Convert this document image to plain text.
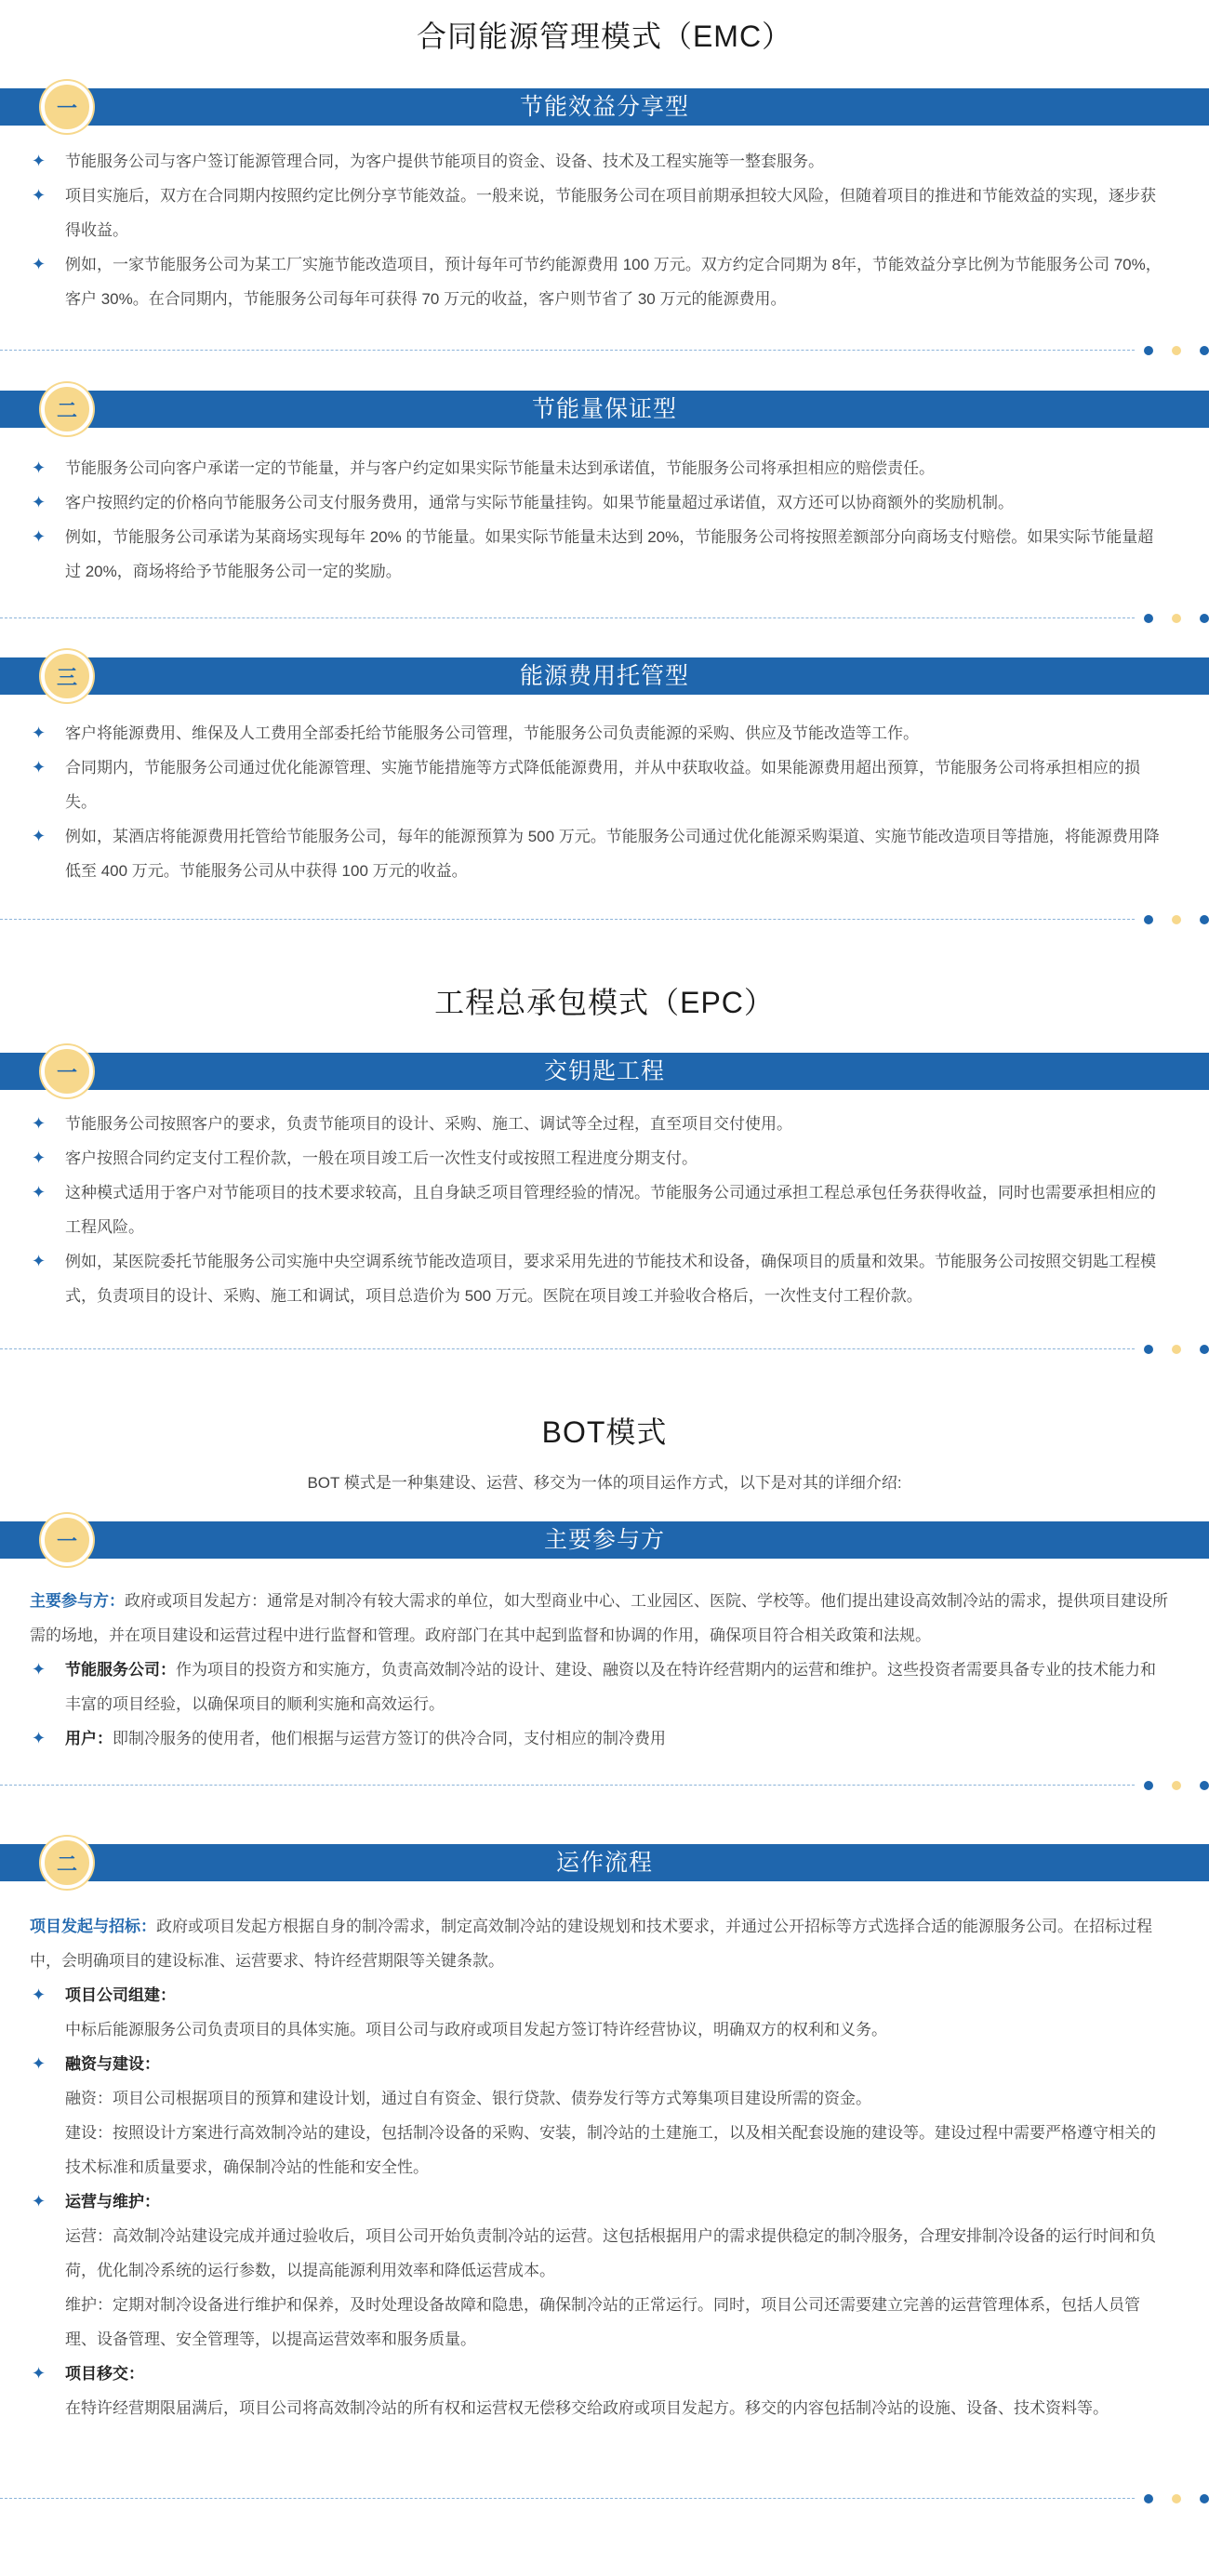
合同能源管理模式（EMC）
一	节能效益分享型
✦	节能服务公司与客户签订能源管理合同，为客户提供节能项目的资金、设备、技术及工程实施等一整套服务。
✦	项目实施后，双方在合同期内按照约定比例分享节能效益。一般来说，节能服务公司在项目前期承担较大风险，但随着项目的推进和节能效益的实现，逐步获得收益。
✦	例如，一家节能服务公司为某工厂实施节能改造项目，预计每年可节约能源费用 100 万元。双方约定合同期为 8年，节能效益分享比例为节能服务公司 70%，客户 30%。在合同期内，节能服务公司每年可获得 70 万元的收益，客户则节省了 30 万元的能源费用。
二	节能量保证型
✦	节能服务公司向客户承诺一定的节能量，并与客户约定如果实际节能量未达到承诺值，节能服务公司将承担相应的赔偿责任。
✦	客户按照约定的价格向节能服务公司支付服务费用，通常与实际节能量挂钩。如果节能量超过承诺值，双方还可以协商额外的奖励机制。
✦	例如，节能服务公司承诺为某商场实现每年 20% 的节能量。如果实际节能量未达到 20%，节能服务公司将按照差额部分向商场支付赔偿。如果实际节能量超过 20%，商场将给予节能服务公司一定的奖励。
三	能源费用托管型
✦	客户将能源费用、维保及人工费用全部委托给节能服务公司管理，节能服务公司负责能源的采购、供应及节能改造等工作。
✦	合同期内，节能服务公司通过优化能源管理、实施节能措施等方式降低能源费用，并从中获取收益。如果能源费用超出预算，节能服务公司将承担相应的损失。
✦	例如，某酒店将能源费用托管给节能服务公司，每年的能源预算为 500 万元。节能服务公司通过优化能源采购渠道、实施节能改造项目等措施，将能源费用降低至 400 万元。节能服务公司从中获得 100 万元的收益。
工程总承包模式（EPC）
一	交钥匙工程
✦	节能服务公司按照客户的要求，负责节能项目的设计、采购、施工、调试等全过程，直至项目交付使用。
✦	客户按照合同约定支付工程价款，一般在项目竣工后一次性支付或按照工程进度分期支付。
✦	这种模式适用于客户对节能项目的技术要求较高，且自身缺乏项目管理经验的情况。节能服务公司通过承担工程总承包任务获得收益，同时也需要承担相应的工程风险。
✦	例如，某医院委托节能服务公司实施中央空调系统节能改造项目，要求采用先进的节能技术和设备，确保项目的质量和效果。节能服务公司按照交钥匙工程模式，负责项目的设计、采购、施工和调试，项目总造价为 500 万元。医院在项目竣工并验收合格后，一次性支付工程价款。
BOT模式
BOT 模式是一种集建设、运营、移交为一体的项目运作方式，以下是对其的详细介绍:
一	主要参与方
主要参与方：政府或项目发起方：通常是对制冷有较大需求的单位，如大型商业中心、工业园区、医院、学校等。他们提出建设高效制冷站的需求，提供项目建设所需的场地，并在项目建设和运营过程中进行监督和管理。政府部门在其中起到监督和协调的作用，确保项目符合相关政策和法规。
✦	节能服务公司：作为项目的投资方和实施方，负责高效制冷站的设计、建设、融资以及在特许经营期内的运营和维护。这些投资者需要具备专业的技术能力和丰富的项目经验，以确保项目的顺利实施和高效运行。
✦	用户：即制冷服务的使用者，他们根据与运营方签订的供冷合同，支付相应的制冷费用
二	运作流程
项目发起与招标：政府或项目发起方根据自身的制冷需求，制定高效制冷站的建设规划和技术要求，并通过公开招标等方式选择合适的能源服务公司。在招标过程中，会明确项目的建设标准、运营要求、特许经营期限等关键条款。
✦	项目公司组建：
中标后能源服务公司负责项目的具体实施。项目公司与政府或项目发起方签订特许经营协议，明确双方的权利和义务。
✦	融资与建设：
融资：项目公司根据项目的预算和建设计划，通过自有资金、银行贷款、债券发行等方式筹集项目建设所需的资金。
建设：按照设计方案进行高效制冷站的建设，包括制冷设备的采购、安装，制冷站的土建施工，以及相关配套设施的建设等。建设过程中需要严格遵守相关的技术标准和质量要求，确保制冷站的性能和安全性。
✦	运营与维护：
运营：高效制冷站建设完成并通过验收后，项目公司开始负责制冷站的运营。这包括根据用户的需求提供稳定的制冷服务，合理安排制冷设备的运行时间和负荷，优化制冷系统的运行参数，以提高能源利用效率和降低运营成本。
维护：定期对制冷设备进行维护和保养，及时处理设备故障和隐患，确保制冷站的正常运行。同时，项目公司还需要建立完善的运营管理体系，包括人员管理、设备管理、安全管理等，以提高运营效率和服务质量。
✦	项目移交：
在特许经营期限届满后，项目公司将高效制冷站的所有权和运营权无偿移交给政府或项目发起方。移交的内容包括制冷站的设施、设备、技术资料等。
